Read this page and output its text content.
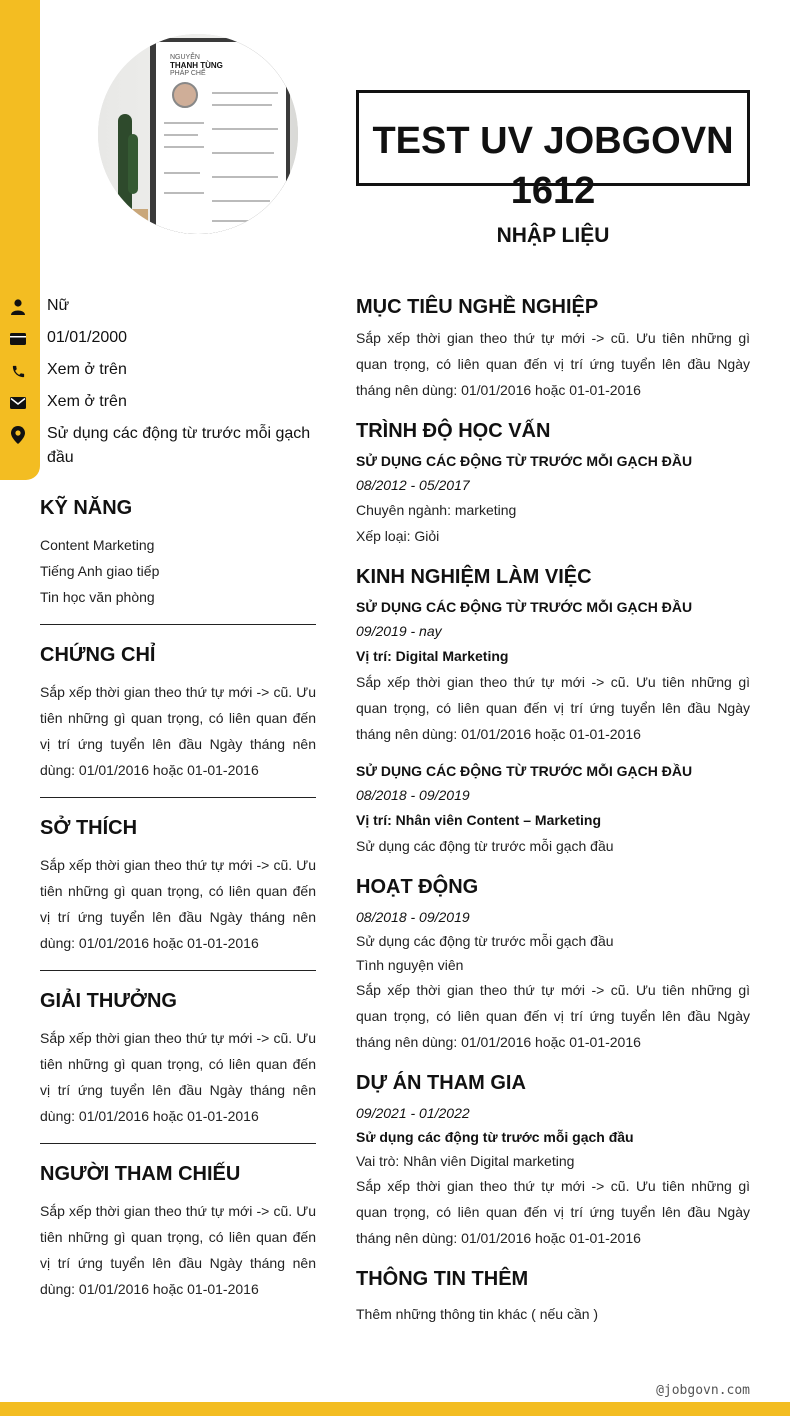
NGUYỄN
THANH TÙNG
PHÁP CHẾ
TEST UV JOBGOVN 1612
NHẬP LIỆU
Nữ
01/01/2000
Xem ở trên
Xem ở trên
Sử dụng các động từ trước mỗi gạch đầu
KỸ NĂNG
Content Marketing
Tiếng Anh giao tiếp
Tin học văn phòng
CHỨNG CHỈ
Sắp xếp thời gian theo thứ tự mới -> cũ. Ưu tiên những gì quan trọng, có liên quan đến vị trí ứng tuyển lên đầu Ngày tháng nên dùng: 01/01/2016 hoặc 01-01-2016
SỞ THÍCH
Sắp xếp thời gian theo thứ tự mới -> cũ. Ưu tiên những gì quan trọng, có liên quan đến vị trí ứng tuyển lên đầu Ngày tháng nên dùng: 01/01/2016 hoặc 01-01-2016
GIẢI THƯỞNG
Sắp xếp thời gian theo thứ tự mới -> cũ. Ưu tiên những gì quan trọng, có liên quan đến vị trí ứng tuyển lên đầu Ngày tháng nên dùng: 01/01/2016 hoặc 01-01-2016
NGƯỜI THAM CHIẾU
Sắp xếp thời gian theo thứ tự mới -> cũ. Ưu tiên những gì quan trọng, có liên quan đến vị trí ứng tuyển lên đầu Ngày tháng nên dùng: 01/01/2016 hoặc 01-01-2016
MỤC TIÊU NGHỀ NGHIỆP
Sắp xếp thời gian theo thứ tự mới -> cũ. Ưu tiên những gì quan trọng, có liên quan đến vị trí ứng tuyển lên đầu Ngày tháng nên dùng: 01/01/2016 hoặc 01-01-2016
TRÌNH ĐỘ HỌC VẤN
SỬ DỤNG CÁC ĐỘNG TỪ TRƯỚC MỖI GẠCH ĐẦU
08/2012 - 05/2017
Chuyên ngành: marketing
Xếp loại: Giỏi
KINH NGHIỆM LÀM VIỆC
SỬ DỤNG CÁC ĐỘNG TỪ TRƯỚC MỖI GẠCH ĐẦU
09/2019 - nay
Vị trí: Digital Marketing
Sắp xếp thời gian theo thứ tự mới -> cũ. Ưu tiên những gì quan trọng, có liên quan đến vị trí ứng tuyển lên đầu Ngày tháng nên dùng: 01/01/2016 hoặc 01-01-2016
SỬ DỤNG CÁC ĐỘNG TỪ TRƯỚC MỖI GẠCH ĐẦU
08/2018 - 09/2019
Vị trí: Nhân viên Content – Marketing
Sử dụng các động từ trước mỗi gạch đầu
HOẠT ĐỘNG
08/2018 - 09/2019
Sử dụng các động từ trước mỗi gạch đầu
Tình nguyện viên
Sắp xếp thời gian theo thứ tự mới -> cũ. Ưu tiên những gì quan trọng, có liên quan đến vị trí ứng tuyển lên đầu Ngày tháng nên dùng: 01/01/2016 hoặc 01-01-2016
DỰ ÁN THAM GIA
09/2021 - 01/2022
Sử dụng các động từ trước mỗi gạch đầu
Vai trò: Nhân viên Digital marketing
Sắp xếp thời gian theo thứ tự mới -> cũ. Ưu tiên những gì quan trọng, có liên quan đến vị trí ứng tuyển lên đầu Ngày tháng nên dùng: 01/01/2016 hoặc 01-01-2016
THÔNG TIN THÊM
Thêm những thông tin khác ( nếu cần )
@jobgovn.com
